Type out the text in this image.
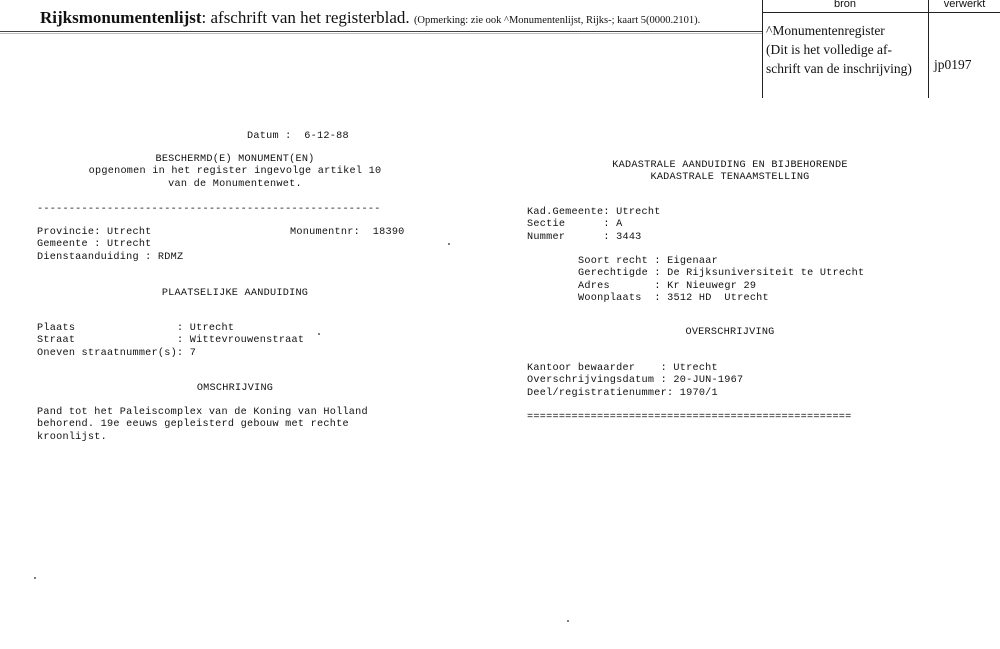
Rijksmonumentenlijst: afschrift van het registerblad. (Opmerking: zie ook ^Monumentenlijst, Rijks-; kaart 5(0000.2101).
bron	verwerkt
^Monumentenregister
(Dit is het volledige af-
schrift van de inschrijving) jp0197
Datum :  6-12-88
BESCHERMD(E) MONUMENT(EN)
opgenomen in het register ingevolge artikel 10
van de Monumentenwet.
------------------------------------------------------
Provincie: Utrecht
Gemeente : Utrecht
Dienstaanduiding : RDMZ
Monumentnr:  18390
PLAATSELIJKE AANDUIDING
Plaats                : Utrecht
Straat                : Wittevrouwenstraat
Oneven straatnummer(s): 7
OMSCHRIJVING
Pand tot het Paleiscomplex van de Koning van Holland
behorend. 19e eeuws gepleisterd gebouw met rechte
kroonlijst.
KADASTRALE AANDUIDING EN BIJBEHORENDE
KADASTRALE TENAAMSTELLING
Kad.Gemeente: Utrecht
Sectie      : A
Nummer      : 3443
Soort recht : Eigenaar
Gerechtigde : De Rijksuniversiteit te Utrecht
Adres       : Kr Nieuwegr 29
Woonplaats  : 3512 HD  Utrecht
OVERSCHRIJVING
Kantoor bewaarder    : Utrecht
Overschrijvingsdatum : 20-JUN-1967
Deel/registratienummer: 1970/1
===================================================
